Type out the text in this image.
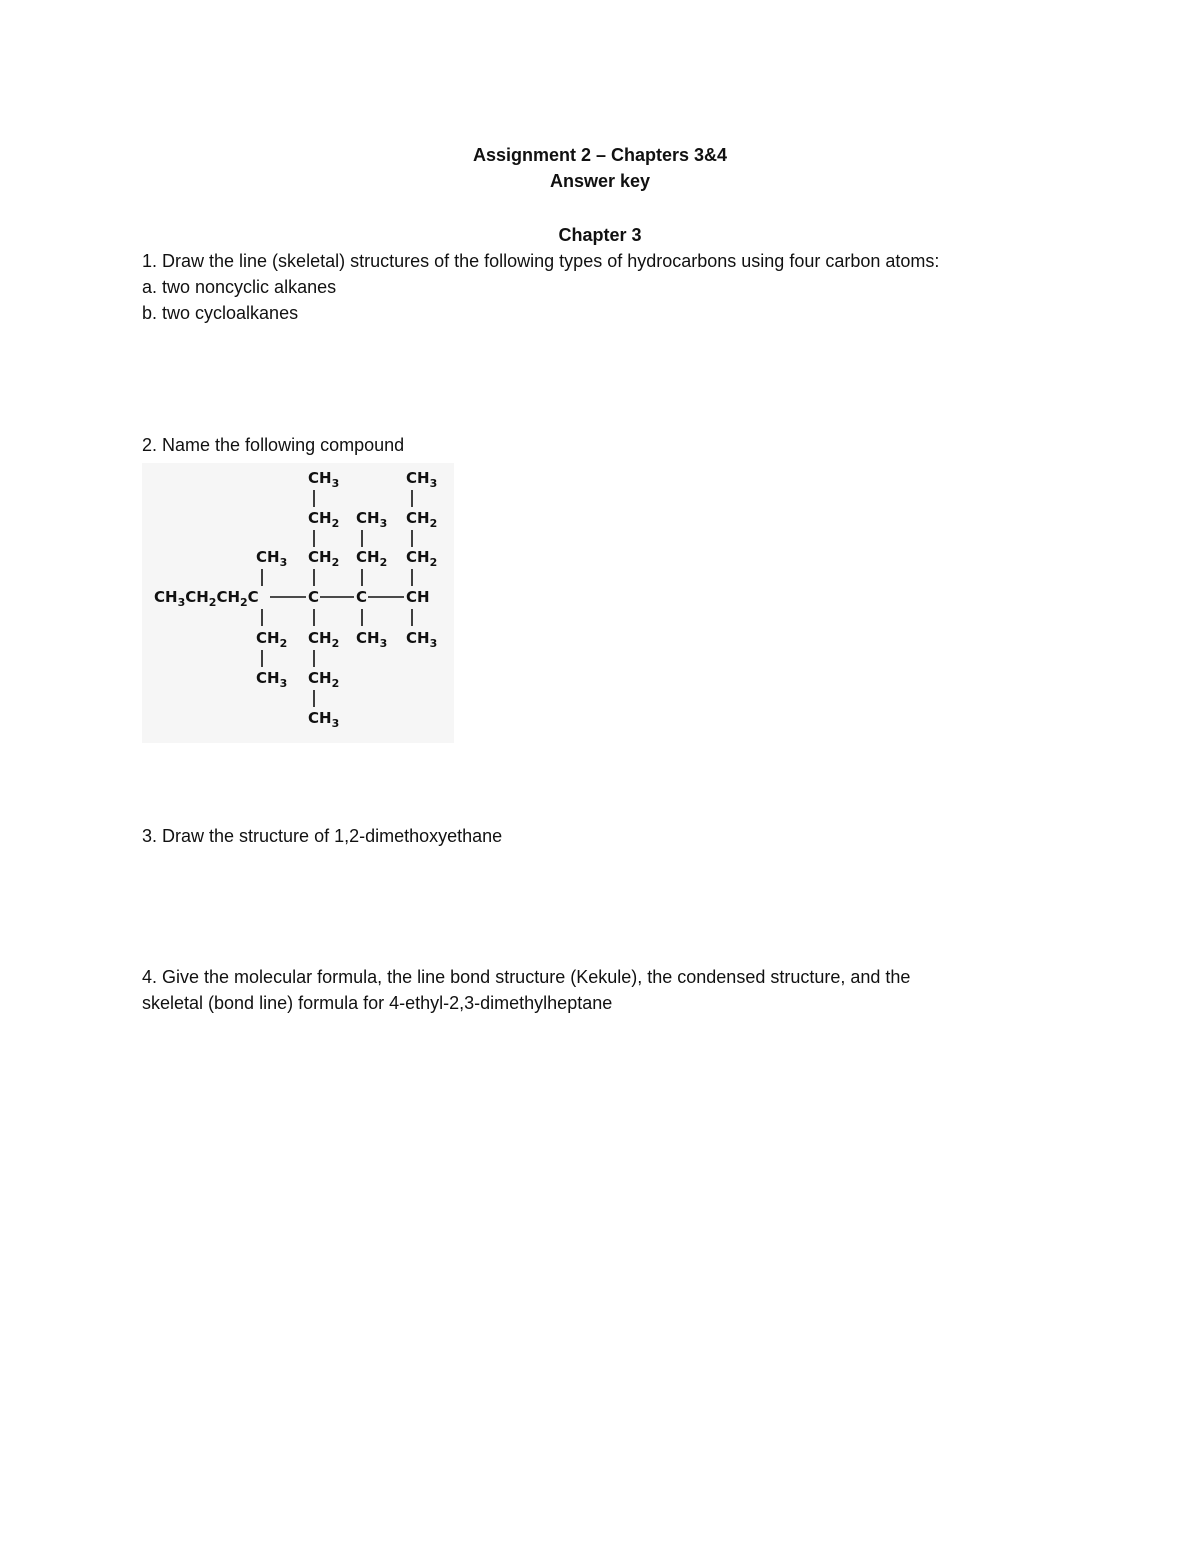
Assignment 2 – Chapters 3&4
Answer key
Chapter 3
1. Draw the line (skeletal) structures of the following types of hydrocarbons using four carbon atoms:
a. two noncyclic alkanes
b. two cycloalkanes
2. Name the following compound
$CH_3$	$CH_3$
$CH_2$ $CH_3$ $CH_2$
$CH_3$ $CH_2$ $CH_2$ $CH_2$
$CH_3CH_2CH_2C$	C C	CH
$CH_2$ $CH_2$ $CH_3$ $CH_3$
$CH_3$ $CH_2$
$CH_3$
3. Draw the structure of 1,2-dimethoxyethane
4. Give the molecular formula, the line bond structure (Kekule), the condensed structure, and the
skeletal (bond line) formula for 4-ethyl-2,3-dimethylheptane
